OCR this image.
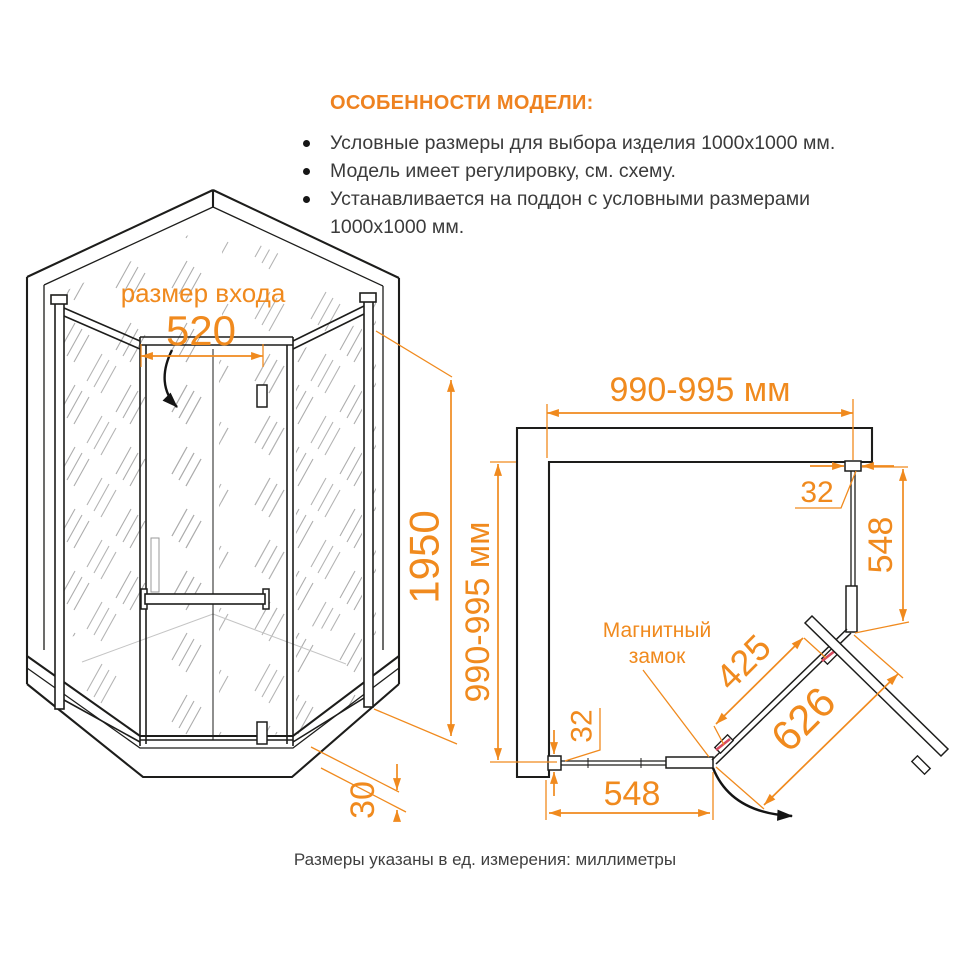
ОСОБЕННОСТИ МОДЕЛИ:
Условные размеры для выбора изделия 1000x1000 мм.
Модель имеет регулировку, см. схему.
Устанавливается на поддон с условными размерами 1000x1000 мм.
размер входа
520
1950
30
990-995 мм
990-995 мм
32
548
32
548
425
626
Магнитный
замок
Размеры указаны в ед. измерения: миллиметры
